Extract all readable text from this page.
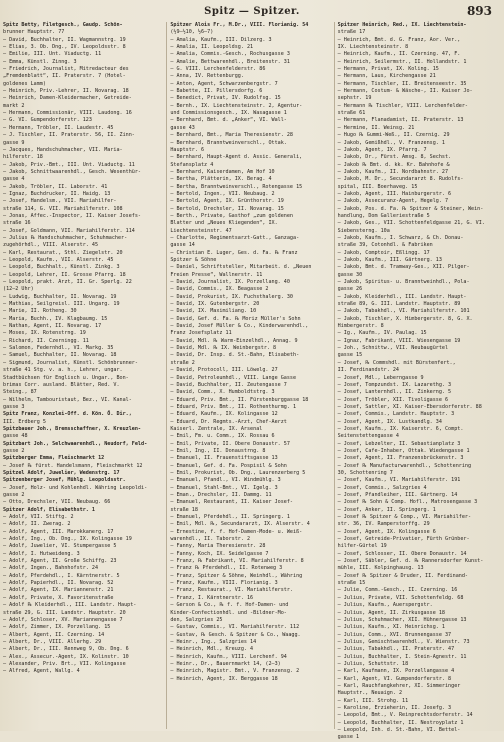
Spitz — Spitzer.	893
Spitz Betty, Filetgesch., Gaudp. Schön-
brunner Hauptstr. 77
— David, Buchhalter, II. Wagmannstrg. 19
— Elias, 3. Ob. Dng., IV. Leopoldsstr. 8
— Emilie, III. Unt. Viaductg. 11
— Emma, Künstl. Zinng. 3
— Friedrich, Journalist, Mitredacteur des
„Fremdenblatt“, II. Praterstr. 7 (Hotel-
goldenes Lamm)
— Heinrich, Priv.-Lehrer, II. Novarag. 18
— Heinrich, Damen-Kleidermacher, Getreide-
markt 2
— Hermann, Commissionär, VIII. Laudong. 16
— G. VI. Gumpendorferstr. 123
— Hermann, Tröbler, II. Laudestr. 45
— J. Tischler, II. Praterstr. 56, II. Zinn-
gasse 9
— Jacques, Handschuhmacher, VII. Maria-
hilferstr. 18
— Jakob, Priv.-Bmt., III. Unt. Viaductg. 11
— Jakob, Schnittwaarenhdl., Gesch. Wesenthür-
gasse 4
— Jakob, Tröbler, II. Laborstr. 41
— Ignaz, Buchdrucker, II. Haidg. 13
— Josef, Handelsm., VII. Mariahilfer-
straße 114, G. VII. Mariahilferstr. 108
— Jonas, Affec.-Inspector, II. Kaiser Josefs-
straße 16
— Josef, Goldmann, VII. Mariahilferstr. 114
— Julius ℞ Handschuhmacher, Schuhmacher-
zugehörhdl., VIII. Alserstr. 45
— Karl, Restaurat., Sthl. Ziegelstr. 20
— Leopold, Kaufm., VII. Alserstr. 45
— Leopold, Buchhalt., Künstl. Zinkg. 3
— Leopold, Lehrer, II. Grosse Pfarrg. 18
— Leopold, prakt. Arzt, II. Gr. Sperlg. 22
(12—2 Uhr)
— Ludwig, Buchhalter, II. Novarag. 19
— Mathias, Seilgreisl. III. Ungarg. 19
— Marie, II. Rotheng. 30
— Maria, Buchh., IV. Klagbaumg. 15
— Nathan, Agent, II. Novarag. 17
— Moses, IX. Rotenstrng. 19
— Richard, II. Czerningg. 11
— Salomon, Federnhdl., VI. Markg. 35
— Samuel, Buchhalter, II. Novarag. 18
— Sigmund, Journalist, Künstl. Schönbrunner-
straße 41 Stg. v. a. h., Lehrer, ungar.
Stadtbüchsen für Englisch u. Ungar., Bon-
brimas Corr. ausland. Blätter, Red. V.
Steing., 87
— Wilhelm, Tambouristaut, Bez., VI. Kanal-
gasse 3
Spitz Franz, Konzlei-Off. d. Kön. Ö. Dir.,
III. Erdberg 5
Spitzbauer Joh., Bremsschaffner, X. Kreuzlen-
gasse 48
Spitzbart Joh., Selchwaarenhdl., Neudorf, Feld-
gasse 2
Spitzberger Emma, Fleischmarkt 12
— Josef ℞ fürst. Handelsmann, Fleischmarkt 12
Spitzel Adolf, Juwelier, Wedenstrg. 17
Spitzenberger Josef, Mühlg. Leopoldsstr.
— Josef, Holz- und Kohlenhdl. Währing Leopoldi-
gasse 2
— Otto, Drechsler, VII. Neubaug. 66
Spitzer Adolf, Elisabethstr. 1
— Adolf, VII. Stiftg. 2
— Adolf, II. Zwerag. 2
— Adolf, Agent, III. Marokkanerg. 17
— Adolf, Ing., Ob. Dng., IX. Kolingasse 19
— Adolf, Juwelier, VI. Stumpergasse 5
— Adolf, I. Hutweideng. 3
— Adolf, Agent, II. Große Schiffg. 23
— Adolf, Ingen., Bahnhofstr. 24
— Adolf, Pferdehdl., I. Kärntnerstr. 5
— Adolf, Papierhdl., II. Novarag. 52
— Adolf, Agent, IX. Mariannenstr. 21
— Adolf, Private, X. Favoritenstraße
— Adolf ℞ Kleiderhdl., III. Landstr. Haupt-
straße 29, G. III. Landstr. Hauptstr. 20
— Adolf, Schloser, XV. Mariannengasse 7
— Adolf, Zimmer, IX. Porzellang. 15
— Albert, Agent, II. Czerning. 14
— Albert, Dr., VIII. Allerhg. 29
— Albert, Dr., III. Rennweg 9, Ob. Dng. 6
— Alex., Assecur.-Agent, IX. Kolinstr. 10
— Alexander, Priv. Brt., VII. Kolingasse
— Alfred, Agent, Wallg. 4
Spitzer Alois Fr., M.Dr., VIII. Florianig. 54
(½9—½10, ½6—7)
— Amalia, Kaufm., III. Dilzerg. 3
— Amalia, II. Leopoldsg. 21
— Amalia, Commis.-Gesch., Rochusgasse 3
— Amalie, Bettwarenhdl., Breitenstr. 31
— G. VIII. Lerchenfelderstr. 86
— Anna, IV. Rettenburgg.
— Anton, Agent, Schwarzenbergstr. 7
— Babette, II. Pillersdorfg. 6
— Benedict, Privat, IV. Rudolfsg. 15
— Bernh., IX. Liechtensteinstr. 2, Agentur-
und Commissionsgesch., IX. Wasagasse 1
— Bernhard, Bmt. d. „Anker“, VI. Wall-
gasse 43
— Bernhard, Bmt., Maria Theresienstr. 28
— Bernhard, Branntweinverschl., Ottak.
Hauptstr. 6
— Bernhard, Haupt-Agent d. Assic. Generali,
Stefansplatz 4
— Bernhard, Kaiserdamen, Am Hof 10
— Bertha, Plätterin, IX. Berag. 4
— Bertha, Branntweinverschl., Rotengasse 15
— Bertold, Ingen., VII. Neubaug. 2
— Bertold, Agent, IX. Grünthorstr. 19
— Bertold, Drechsler, II. Novarag. 15
— Berth., Private, Gasthof „zum goldenen
Blatter und „Neues Kliegenden“, IX.
Liechtensteinstr. 47
— Charlotte, Regimentsarzt-Gatt., Ganzaga-
gasse 14
— Christian E. Luger, Ges. d. Fa. ℞ Franz
Spitzer & Söhne
— Daniel, Schriftsteller, Mitarbeit. d. „Neuen
Freien Presse“, Wallnerstr. 11
— David, Journalist, IX. Porzellang. 40
— David, Commis., IX. Beagasse 2
— David, Prokurist, IX. Fuchsthalerg. 30
— David, IX. Gutenbergstr. 20
— David, IX. Maximiliang. 10
— David, Gef. d. Fa. ℞ Moriz Müller's Sohn
— David, Josef Müller & Co., Kinderwarenhdl.,
Franz Josefsplatz 11
— David, Mdl. ℞ Warm-Einzelhdl., Annag. 9
— David, Mdl. ℞ IX. Weinbergstr. 8
— David, Dr. Insp. d. St.-Bahn, Elisabeth-
straße 2
— David, Protocoll, III. Löwelg. 27
— David, Petroleumhdl., VIII. Lange Gasse
— David, Buchhalter, II. Zeutengasse 7
— David, Comm., X. Humboldtstrg. 3
— Eduard, Priv. Bmt., II. Fürstenburggasse 18
— Eduard, Priv. Bmt., II. Rothenthurmg. 1
— Eduard, Kaufm., IX. Kolingasse 12
— Eduard, Dr. Regmts.-Arzt, Chef-Aerzt
Kaiserl. Zentrale, IX. Arsenal
— Emil, Fm. u. Comm., IX. Rossau 6
— Emil, Private, II. Obere Donaustr. 57
— Emil, Ing., II. Donaustrng. 8
— Emanuel, II. Frauenstiftsgasse 13
— Emanuel, Gef. d. Fa. Pospisil & Sohn
— Emil, Prokurist, Ob. Dng., Laurenzerberg 5
— Emanuel, Pfandl., VI. Windmühlg. 3
— Emanuel, Stahl-Bmt., VI. Igelg. 3
— Eman., Drechsler, II. Dammg. 11
— Emanuel, Restaurant, II. Kaiser Josef-
straße 18
— Emanuel, Pferdehdl., II. Springerg. 1
— Emil, Mdl. ℞, Secundararzt, IX. Alserstr. 4
— Ernestine, f. f. Hof-Damen-Mode- u. Weiß-
warenhdl., II. Taborstr. 2
— Fanny, Maria Theresienstr. 28
— Fanny, Koch, IX. Seidelgasse 7
— Franz, ℞ Fabrikant, VI. Mariahilferstr. 8
— Franz ℞ Pferdehdl., II. Rotenweg 3
— Franz, Spitzer & Söhne, Weinhdl., Währing
— Franz, Kaufm., VIII. Florianig. 3
— Franz, Restaurat., VI. Mariahilferstr.
— Franz, I. Kärntnerstr. 16
— Gerson & Co., ℞ f. f. Hof-Damen- und
Kinder-Confectionhdl. und -Bildner-Mo-
den, Salzgries 25
— Gustav, Commis., VI. Mariahilferstr. 112
— Gustav, ℞ Gesch. & Spitzer & Co., Waagg.
— Heinr., Ing., Salzgries 14
— Heinrich, Mdl., Kreuzg. 4
— Heinrich, Kaufm., VIII. Lerchenf. 94
— Heinr., Dr., Bauernmarkt 14, (2—3)
— Heinrich, Magistr. Bmt., V. Franzensg. 2
— Heinrich, Agent, IX. Berggasse 18
Spitzer Heinrich, Red., IX. Liechtenstein-
straße 17
— Heinrich, Bmt. d. G. Franz, Aor. Ver.,
IX. Liechtensteinstr. 8
— Heinrich, Kaufm., II. Czerning. 47, F.
— Heinrich, Seilermstr., II. Hollandstr. 1
— Hermann, Privat, IX. Koling. 15
— Hermann, Laus, Kirchengasse 21
— Hermann, Tischler, II. Breitenseestr. 35
— Hermann, Costum- & Wäsche-, II. Kaiser Jo-
sephstr. 19
— Hermann ℞ Tischler, VIII. Lerchenfelder-
straße 61
— Hermann, Flanadamist, II. Praterstr. 13
— Hermine, II. Weinsg. 21
— Hugo ℞ Gummi-Weß., II. Czernig. 29
— Jakob, Gemißhdl., V. Franzensg. 1
— Jakob, Agent, IX. Pfarrg. 7
— Jakob, Dr., Fürst. Amsg. 8, Sechst.
— Jakob ℞ Bmt. d. kk. Kr. Bahnhofe &
— Jakob, Kaufm., II. Nordbahnstr. 27
— Jakob, M. Dr., Secundararzt 8. Rudolfs-
spital, III. Boerhaveg. 15
— Jakob, Agent, III. Hainburgerstr. 6
— Jakob, Assecuranz-Agent, Hegelg. 7
— Jakob, Pos. d. Fa. ℞ Spitzer & Steiner, Wein-
handlung, Dom Galleriestraße 5
— Jakob, Ges., VII. Schottenfeldgasse 21, G. VI.
Siebensterng. 10a
— Jakob, Kaufm., I. Schwarz, & Ch. Donau-
straße 39, Cotonhdl. & Fabriken
— Jakob, Comptoir, Eßlingg. 17
— Jakob, Kaufm., III. Gärtnerg. 13
— Jakob, Bmt. d. Tramway-Ges., XII. Pilger-
gasse 30
— Jakob, Spiritus- u. Branntweinhdl., Pola-
gasse 26
— Jakob, Kleiderhdl., III. Landstr. Haupt-
straße 89, G. III. Landstr. Hauptstr. 89
— Jakob, Tabakhdl., VI. Mariahilferstr. 101
— Jakob, Tischler, X. Himbergerstr. 8, G. X.
Himbergerstr. 8
— Ig., Kaufm., IV. Paulag. 15
— Ignaz, Fabrikant, VIII. Wiesengasse 19
— Joh., Schnittw., VII. Neubaugürtel
gasse 15
— Josef, ℞ Commshdl. mit Bürstenfert.,
II. Ferdinandstr. 24
— Josef, Mdl., Leberngasse 9
— Josef, Tompzundst. IX. Lazarethg. 3
— Josef, Lanternhdl., II. Zinkerng. 5
— Josef, Tröbler, XII. Tivoligasse 6
— Josef, Sattler, XI. Kaiser-Ebersdorferstr. 88
— Josef, Commis., Landstr. Hauptstr. 3
— Josef, Agent, IX. Lustkandlg. 34
— Josef, Kaufm., IX. Kaiserstr. 6, Compt.
Seitenstettengasse 4
— Josef, Lebzelter, II. Sebastianplatz 3
— Josef, Cafe-Inhaber, Ottak. Wiedengasse 1
— Josef, Agent, II. Franzensbrückenstr. 3
— Josef ℞ Manufacturwarenhdl., Schottenring
30, Schottenring 7
— Josef, Kaufm., VI. Mariahilferstr. 191
— Josef, Commis., Salzgries 4
— Josef, Pfandleiher, III. Gärtnerg. 14
— Josef ℞ Sohn & Comp. Hofl., Matrosengasse 3
— Josef, Anker, II. Springerg. 1
— Josef ℞ Spitzer & Comp., VI. Mariahilfer-
str. 36, IV. Ramperstorffg. 29
— Josef, Agent, IX. Kolingasse 6
— Josef, Getreide-Privatier, Fürth Grünber-
hilfer-Gürtel 19
— Josef, Schlosser, II. Obere Donaustr. 14
— Josef, Säbler, Gef. d. ℞ Rannersdorfer Kunst-
mühle, III. Kolpinghausg. 13
— Josef ℞ Spitzer & Druder, II. Ferdinand-
straße 15
— Julie, Comm.-Gesch., II. Czerning. 16
— Julius, Private, VII. Schottenfeldg. 68
— Julius, Kaufm., Auerspergstr.
— Julius, Agent, II. Zirkusgasse 18
— Julius, Schuhmacher, XII. Hühnergasse 13
— Julius, Kaufm., XI. Heinrichsg. 1
— Julius, Comm., XVI. Brunnengasse 37
— Julius, Gemischtwarenhdl., V. Wienstr. 73
— Julius, Tabakhdl., II. Praterstr. 47
— Julius, Buchhalter, I. Stein-Agnestr. 11
— Julius, Schuttstr. 18
— Karl, Kaufmann, IX. Porzellangasse 4
— Karl, Agent, VI. Gumpendorferstr. 8
— Karl, Rauchfangkehrer, XI. Simmeringer
Hauptstr., Neuaign. 2
— Karl, III. Strohg. 11
— Karoline, Erzieherin, II. Josefg. 3
— Leopold, Bmt., V. Reinprechtsdorferstr. 14
— Leopold, Buchhalter, II. Nestroyplatz 1
— Leopold, Inh. d. St.-Bahn, VI. Bettel-
gasse 1
